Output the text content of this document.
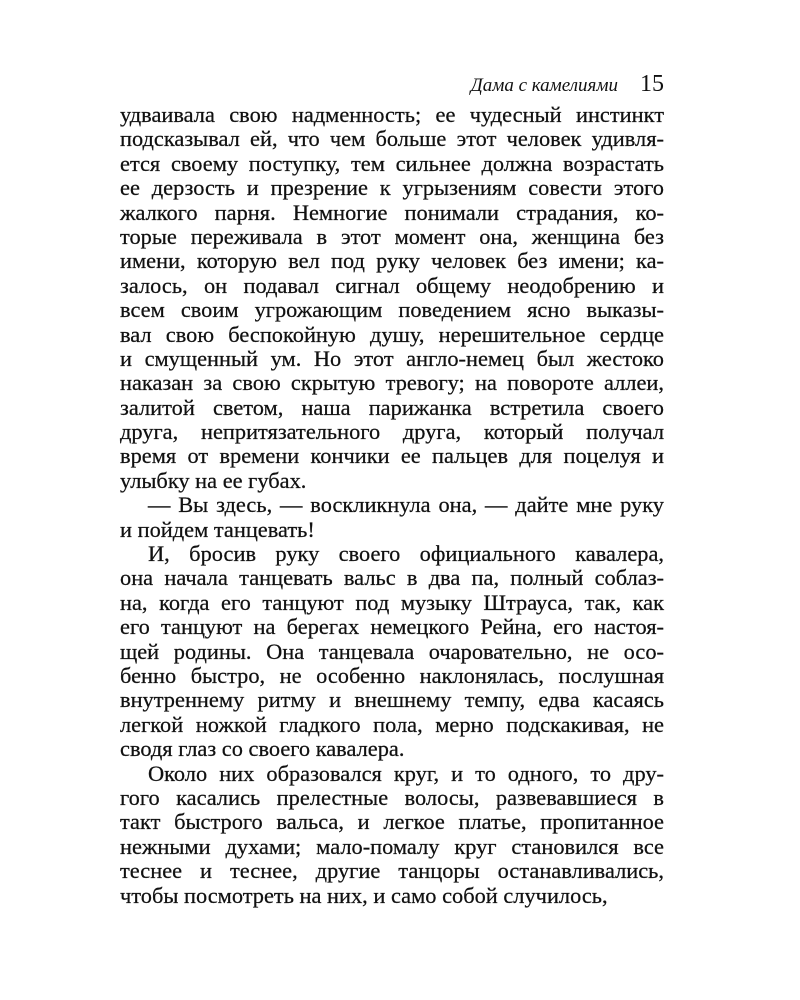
Дама с камелиями 15

удваивала свою надменность; ее чудесный инстинкт
подсказывал ей, что чем больше этот человек удивля-
ется своему поступку, тем сильнее должна возрастать
ее дерзость и презрение к угрызениям совести этого
жалкого парня. Немногие понимали страдания, ко-
торые переживала в этот момент она, женщина без
имени, которую вел под руку человек без имени; ка-
залось, он подавал сигнал общему неодобрению и
всем своим угрожающим поведением ясно выказы-
вал свою беспокойную душу, нерешительное сердце
и смущенный ум. Но этот англо-немец был жестоко
наказан за свою скрытую тревогу; на повороте аллеи,
залитой светом, наша парижанка встретила своего
друга, непритязательного друга, который получал
время от времени кончики ее пальцев для поцелуя и
улыбку на ее губах.

— Вы здесь, — воскликнула она, — дайте мне руку
и пойдем танцевать!

И, бросив руку своего официального кавалера,
она начала танцевать вальс в два па, полный соблаз-
на, когда его танцуют под музыку Штрауса, так, как
его танцуют на берегах немецкого Рейна, его настоя-
щей родины. Она танцевала очаровательно, не осо-
бенно быстро, не особенно наклонялась, послушная
внутреннему ритму и внешнему темпу, едва касаясь
легкой ножкой гладкого пола, мерно подскакивая, не
сводя глаз со своего кавалера.

Около них образовался круг, и то одного, то дру-
гого касались прелестные волосы, развевавшиеся в
такт быстрого вальса, и легкое платье, пропитанное
нежными духами; мало-помалу круг становился все
теснее и теснее, другие танцоры останавливались,
чтобы посмотреть на них, и само собой случилось,
